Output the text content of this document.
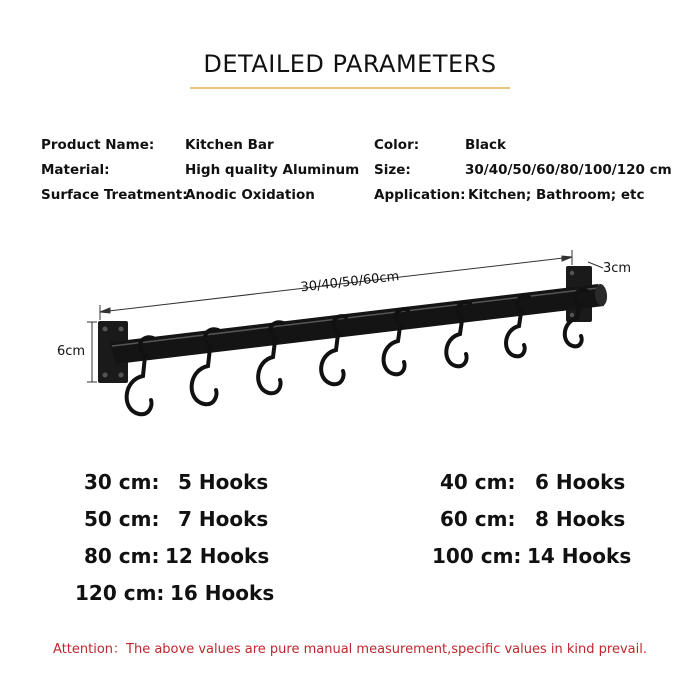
DETAILED PARAMETERS
Product Name: Kitchen Bar
Material:	High quality Aluminum
Surface Treatment:
Anodic Oxidation
Color:	Black
Size:	30/40/50/60/80/100/120 cm
Application: Kitchen; Bathroom; etc
30/40/50/60cm
3cm
6cm
30 cm: 5 Hooks	40 cm: 6 Hooks
50 cm: 7 Hooks	60 cm: 8 Hooks
80 cm: 12 Hooks	100 cm: 14 Hooks
120 cm: 16 Hooks
Attention：The above values are pure manual measurement,specific values in kind prevail.
